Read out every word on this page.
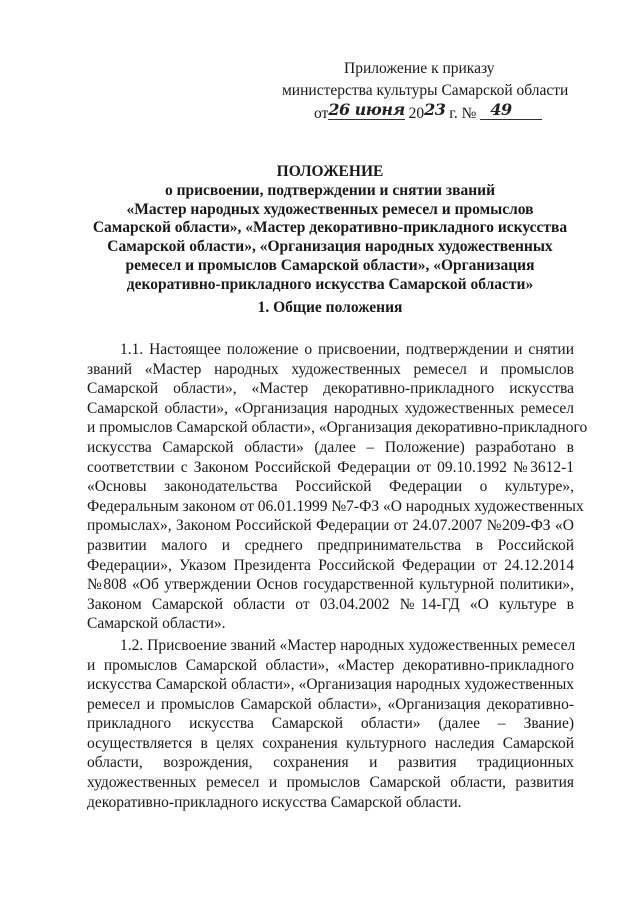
Приложение к приказу
министерства культуры Самарской области
от26 июня 2023 г. № 49
ПОЛОЖЕНИЕ
о присвоении, подтверждении и снятии званий
«Мастер народных художественных ремесел и промыслов
Самарской области», «Мастер декоративно-прикладного искусства
Самарской области», «Организация народных художественных
ремесел и промыслов Самарской области», «Организация
декоративно-прикладного искусства Самарской области»
1. Общие положения
1.1. Настоящее положение о присвоении, подтверждении и снятии
званий «Мастер народных художественных ремесел и промыслов
Самарской области», «Мастер декоративно-прикладного искусства
Самарской области», «Организация народных художественных ремесел
и промыслов Самарской области», «Организация декоративно-прикладного
искусства Самарской области» (далее – Положение) разработано в
соответствии с Законом Российской Федерации от 09.10.1992 №3612-1
«Основы законодательства Российской Федерации о культуре»,
Федеральным законом от 06.01.1999 №7-ФЗ «О народных художественных
промыслах», Законом Российской Федерации от 24.07.2007 №209-ФЗ «О
развитии малого и среднего предпринимательства в Российской
Федерации», Указом Президента Российской Федерации от 24.12.2014
№808 «Об утверждении Основ государственной культурной политики»,
Законом Самарской области от 03.04.2002 №14-ГД «О культуре в
Самарской области».
1.2. Присвоение званий «Мастер народных художественных ремесел
и промыслов Самарской области», «Мастер декоративно-прикладного
искусства Самарской области», «Организация народных художественных
ремесел и промыслов Самарской области», «Организация декоративно-
прикладного искусства Самарской области» (далее – Звание)
осуществляется в целях сохранения культурного наследия Самарской
области, возрождения, сохранения и развития традиционных
художественных ремесел и промыслов Самарской области, развития
декоративно-прикладного искусства Самарской области.
